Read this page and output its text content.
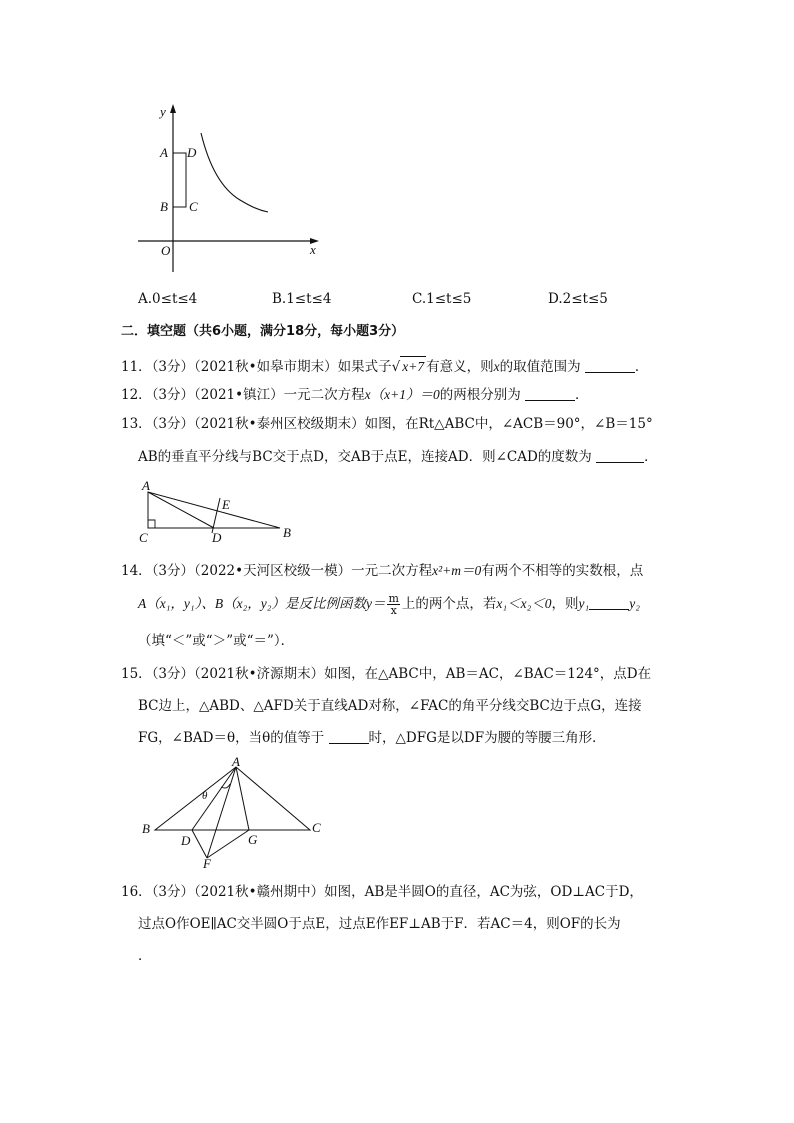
y
x
O
A
B C
D
A.0≤t≤4	B.1≤t≤4	C.1≤t≤5	D.2≤t≤5
二．填空题（共6小题，满分18分，每小题3分）
11．（3分）（2021秋•如皋市期末）如果式子√ x+7 有意义，则x的取值范围为	．
12．（3分）（2021•镇江）一元二次方程x（x+1）＝0的两根分别为	．
13．（3分）（2021秋•泰州区校级期末）如图，在Rt△ABC中，∠ACB＝90°，∠B＝15°
AB的垂直平分线与BC交于点D，交AB于点E，连接AD．则∠CAD的度数为	．
A
C	B
D
E
14．（3分）（2022•天河区校级一模）一元二次方程x²+m＝0有两个不相等的实数根，点
A（x₁，y₁）、B（x₂，y₂）是反比例函数$y= \frac{m}{x}$ 上的两个点，若x₁＜x₂＜0，则y₁	y₂
（填“＜”或“＞”或“＝”）．
15．（3分）（2021秋•济源期末）如图，在△ABC中，AB＝AC，∠BAC＝124°，点D在
BC边上，△ABD、△AFD关于直线AD对称，∠FAC的角平分线交BC边于点G，连接
FG，∠BAD＝θ，当θ的值等于	时，△DFG是以DF为腰的等腰三角形．
A
B	C
D	G
F
θ
16．（3分）（2021秋•赣州期中）如图，AB是半圆O的直径，AC为弦，OD⊥AC于D，
过点O作OE∥AC交半圆O于点E，过点E作EF⊥AB于F．若AC＝4，则OF的长为
．
